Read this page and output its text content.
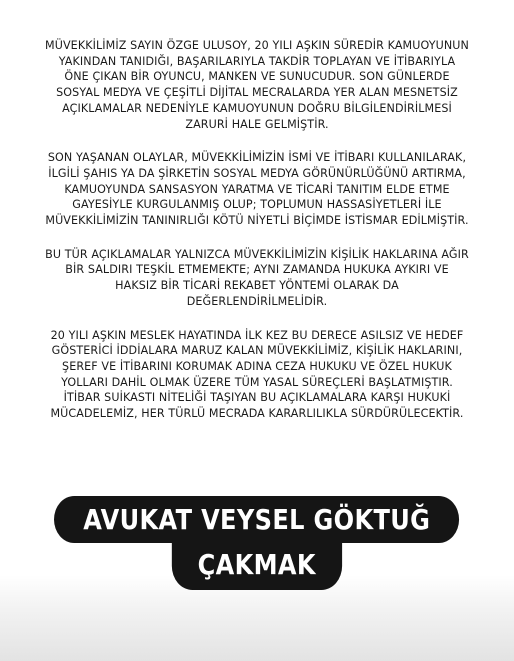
MÜVEKKİLİMİZ SAYIN ÖZGE ULUSOY, 20 YILI AŞKIN SÜREDİR KAMUOYUNUN YAKINDAN TANIDIĞI, BAŞARILARIYLA TAKDİR TOPLAYAN VE İTİBARIYLA ÖNE ÇIKAN BİR OYUNCU, MANKEN VE SUNUCUDUR. SON GÜNLERDE SOSYAL MEDYA VE ÇEŞİTLİ DİJİTAL MECRALARDA YER ALAN MESNETSİZ AÇIKLAMALAR NEDENİYLE KAMUOYUNUN DOĞRU BİLGİLENDİRİLMESİ ZARURİ HALE GELMİŞTİR.

SON YAŞANAN OLAYLAR, MÜVEKKİLİMİZİN İSMİ VE İTİBARI KULLANILARAK, İLGİLİ ŞAHIS YA DA ŞİRKETİN SOSYAL MEDYA GÖRÜNÜRLÜĞÜNÜ ARTIRMA, KAMUOYUNDA SANSASYON YARATMA VE TİCARİ TANITIM ELDE ETME GAYESİYLE KURGULANMIŞ OLUP; TOPLUMUN HASSASİYETLERİ İLE MÜVEKKİLİMİZİN TANINIRLIĞI KÖTÜ NİYETLİ BİÇİMDE İSTİSMAR EDİLMİŞTİR.

BU TÜR AÇIKLAMALAR YALNIZCA MÜVEKKİLİMİZİN KİŞİLİK HAKLARINA AĞIR BİR SALDIRI TEŞKİL ETMEMEKTE; AYNI ZAMANDA HUKUKA AYKIRI VE HAKSIZ BİR TİCARİ REKABET YÖNTEMİ OLARAK DA DEĞERLENDİRİLMELİDİR.

20 YILI AŞKIN MESLEK HAYATINDA İLK KEZ BU DERECE ASILSIZ VE HEDEF GÖSTERİCİ İDDİALARA MARUZ KALAN MÜVEKKİLİMİZ, KİŞİLİK HAKLARINI, ŞEREF VE İTİBARINI KORUMAK ADINA CEZA HUKUKU VE ÖZEL HUKUK YOLLARI DAHİL OLMAK ÜZERE TÜM YASAL SÜREÇLERİ BAŞLATMIŞTIR. İTİBAR SUİKASTI NİTELİĞİ TAŞIYAN BU AÇIKLAMALARA KARŞI HUKUKİ MÜCADELEMİZ, HER TÜRLÜ MECRADA KARARLILIKLA SÜRDÜRÜLECEKTİR.

AVUKAT VEYSEL GÖKTUĞ
ÇAKMAK
